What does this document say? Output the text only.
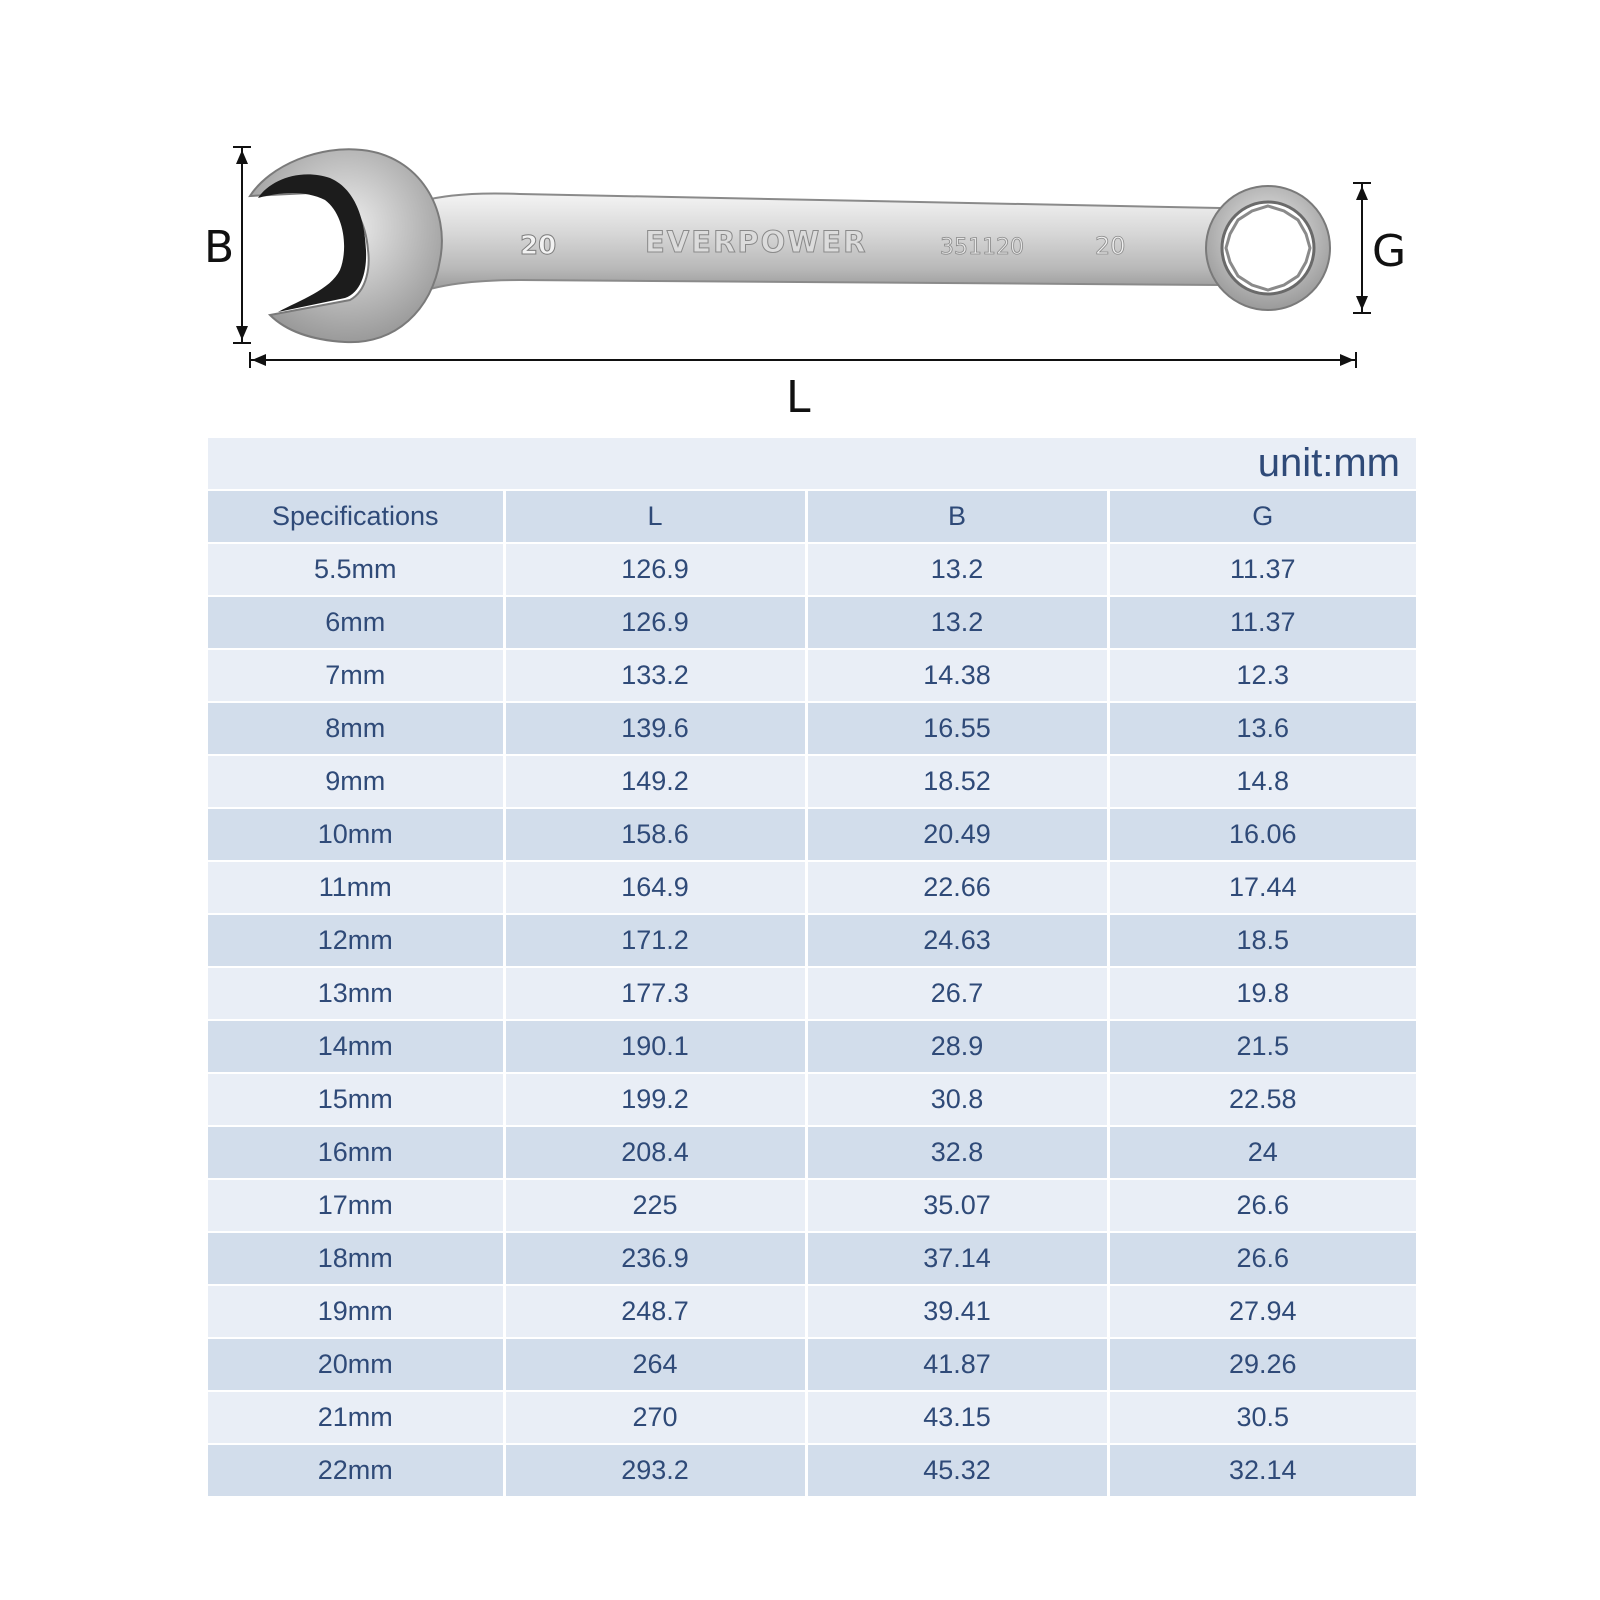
20	EVERPOWER	351120	20
B	G
L
unit:mm			
Specifications	L	B	G
5.5mm	126.9	13.2	11.37
6mm	126.9	13.2	11.37
7mm	133.2	14.38	12.3
8mm	139.6	16.55	13.6
9mm	149.2	18.52	14.8
10mm	158.6	20.49	16.06
11mm	164.9	22.66	17.44
12mm	171.2	24.63	18.5
13mm	177.3	26.7	19.8
14mm	190.1	28.9	21.5
15mm	199.2	30.8	22.58
16mm	208.4	32.8	24
17mm	225	35.07	26.6
18mm	236.9	37.14	26.6
19mm	248.7	39.41	27.94
20mm	264	41.87	29.26
21mm	270	43.15	30.5
22mm	293.2	45.32	32.14
